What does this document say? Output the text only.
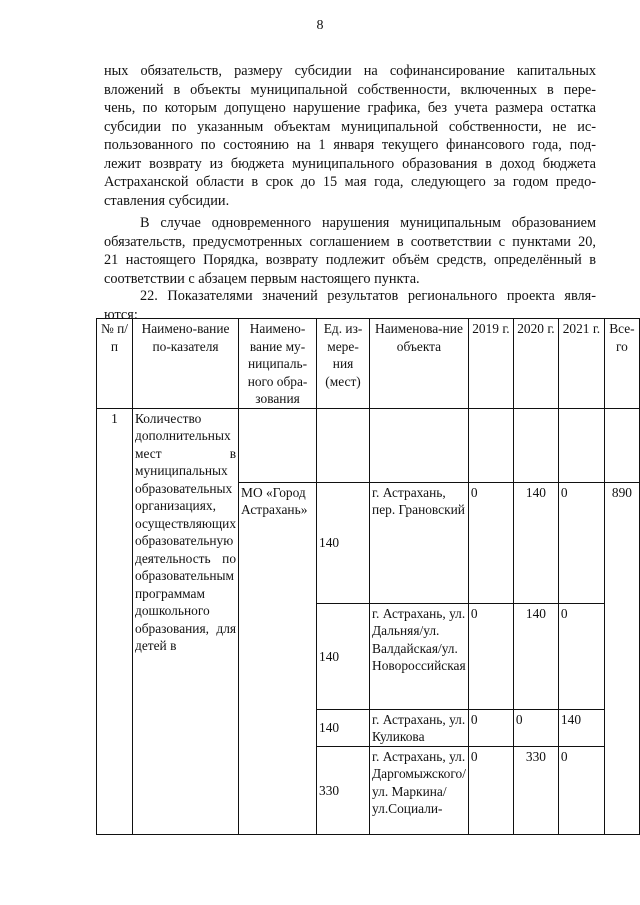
8
ных обязательств, размеру субсидии на софинансирование капитальных
вложений в объекты муниципальной собственности, включенных в пере-
чень, по которым допущено нарушение графика, без учета размера остатка
субсидии по указанным объектам муниципальной собственности, не ис-
пользованного по состоянию на 1 января текущего финансового года, под-
лежит возврату из бюджета муниципального образования в доход бюджета
Астраханской области в срок до 15 мая года, следующего за годом предо-
ставления субсидии.
В случае одновременного нарушения муниципальным образованием
обязательств, предусмотренных соглашением в соответствии с пунктами 20,
21 настоящего Порядка, возврату подлежит объём средств, определённый в
соответствии с абзацем первым настоящего пункта.
22. Показателями значений результатов регионального проекта явля-
ются:
№ п/п	Наимено-вание по-казателя	Наимено-вание му-ниципаль-ного обра-зования	Ед. из-мере-ния (мест)	Наименова-ние объекта	2019 г.	2020 г.	2021 г.	Все-го
1	Количество дополнительных мест в муниципальных образовательных организациях, осуществляющих образовательную деятельность по образовательным программам дошкольного образования, для детей в							

		МО «Город Астрахань»	140	г. Астрахань, пер. Грановский	0	140	0	890
			140	г. Астрахань, ул. Дальняя/ул. Валдайская/ул. Новороссийская	0	140	0	
			140	г. Астрахань, ул. Куликова	0	0	140	
			330	г. Астрахань, ул. Даргомыжского/ул. Маркина/ул.Социали-	0	330	0	
